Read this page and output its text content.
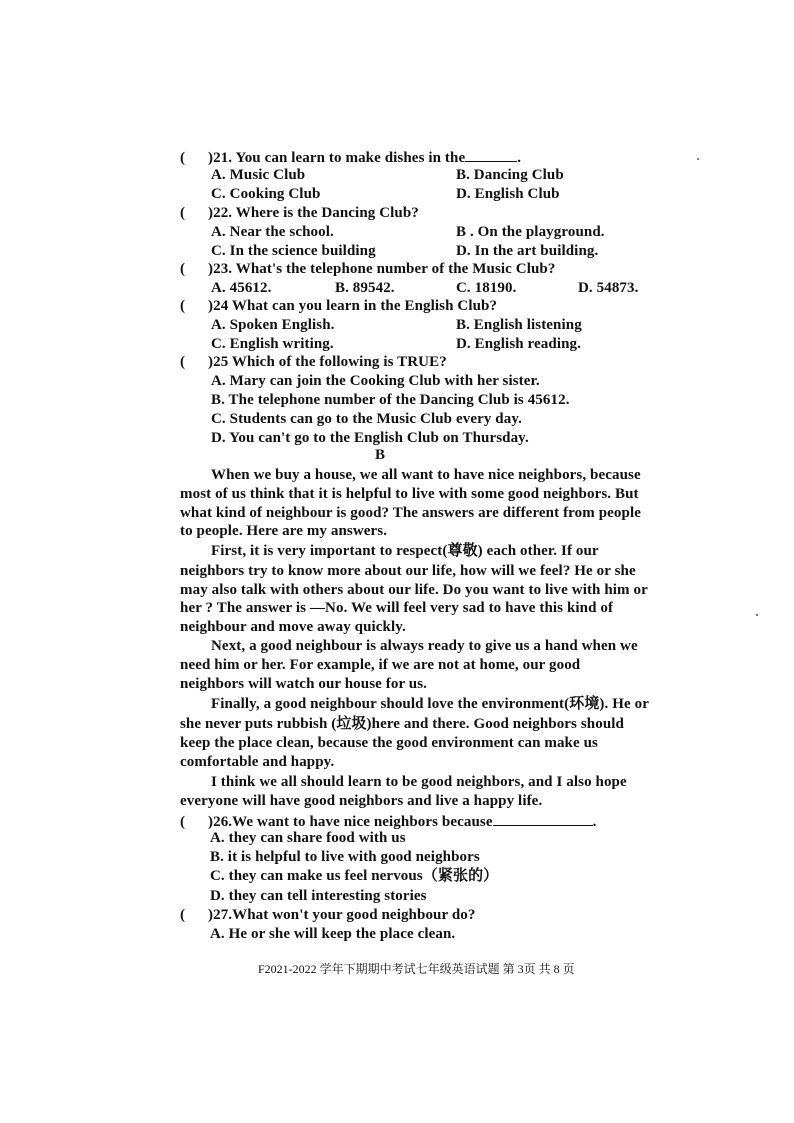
( )21. You can learn to make dishes in the	.
A. Music Club	B. Dancing Club
C. Cooking Club	D. English Club
( )22. Where is the Dancing Club?
A. Near the school.	B . On the playground.
C. In the science building	D. In the art building.
( )23. What's the telephone number of the Music Club?
A. 45612.	B. 89542.	C. 18190.	D. 54873.
( )24 What can you learn in the English Club?
A. Spoken English.	B. English listening
C. English writing.	D. English reading.
( )25 Which of the following is TRUE?
A. Mary can join the Cooking Club with her sister.
B. The telephone number of the Dancing Club is 45612.
C. Students can go to the Music Club every day.
D. You can't go to the English Club on Thursday.
B
When we buy a house, we all want to have nice neighbors, because
most of us think that it is helpful to live with some good neighbors. But
what kind of neighbour is good? The answers are different from people
to people. Here are my answers.
First, it is very important to respect(尊敬) each other. If our
neighbors try to know more about our life, how will we feel? He or she
may also talk with others about our life. Do you want to live with him or
her ? The answer is —No. We will feel very sad to have this kind of
neighbour and move away quickly.
Next, a good neighbour is always ready to give us a hand when we
need him or her. For example, if we are not at home, our good
neighbors will watch our house for us.
Finally, a good neighbour should love the environment(环境). He or
she never puts rubbish (垃圾)here and there. Good neighbors should
keep the place clean, because the good environment can make us
comfortable and happy.
I think we all should learn to be good neighbors, and I also hope
everyone will have good neighbors and live a happy life.
( )26.We want to have nice neighbors because	.
A. they can share food with us
B. it is helpful to live with good neighbors
C. they can make us feel nervous（紧张的）
D. they can tell interesting stories
( )27.What won't your good neighbour do?
A. He or she will keep the place clean.
F2021-2022 学年下期期中考试七年级英语试题 第 3页 共 8 页
